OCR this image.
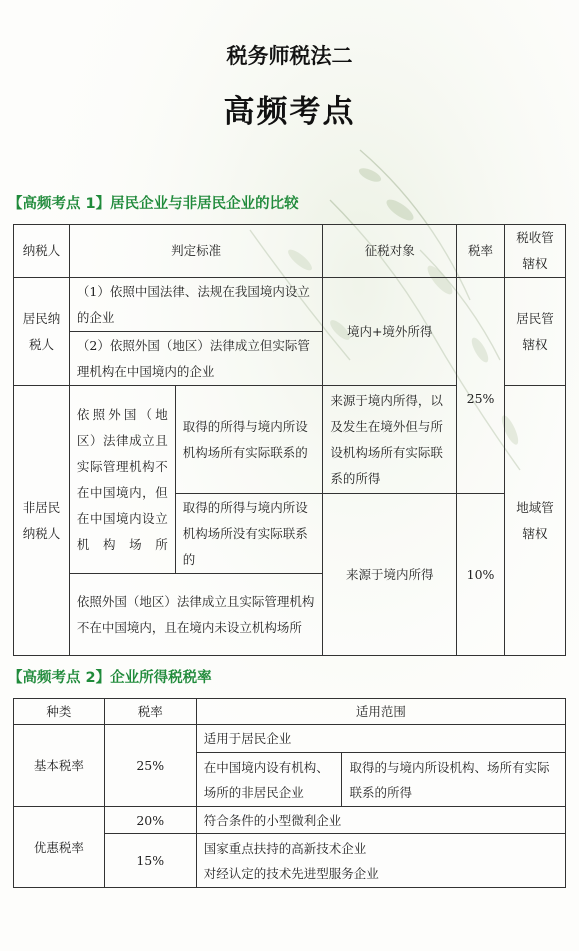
税务师税法二
高频考点
【高频考点 1】居民企业与非居民企业的比较
纳税人	判定标准		征税对象	税率	税收管辖权
居民纳税人	（1）依照中国法律、法规在我国境内设立的企业		境内+境外所得	25%	居民管辖权
	（2）依照外国（地区）法律成立但实际管理机构在中国境内的企业				
非居民纳税人	依照外国（地区）法律成立且实际管理机构不在中国境内，但在中国境内设立机构场所	取得的所得与境内所设机构场所有实际联系的	来源于境内所得，以及发生在境外但与所设机构场所有实际联系的所得		地域管辖权
		取得的所得与境内所设机构场所没有实际联系的	来源于境内所得	10%	
	依照外国（地区）法律成立且实际管理机构不在中国境内，且在境内未设立机构场所				
【高频考点 2】企业所得税税率
种类	税率	适用范围	
基本税率	25%	适用于居民企业	
		在中国境内设有机构、场所的非居民企业	取得的与境内所设机构、场所有实际联系的所得
优惠税率	20%	符合条件的小型微利企业	
	15%	国家重点扶持的高新技术企业
对经认定的技术先进型服务企业	
